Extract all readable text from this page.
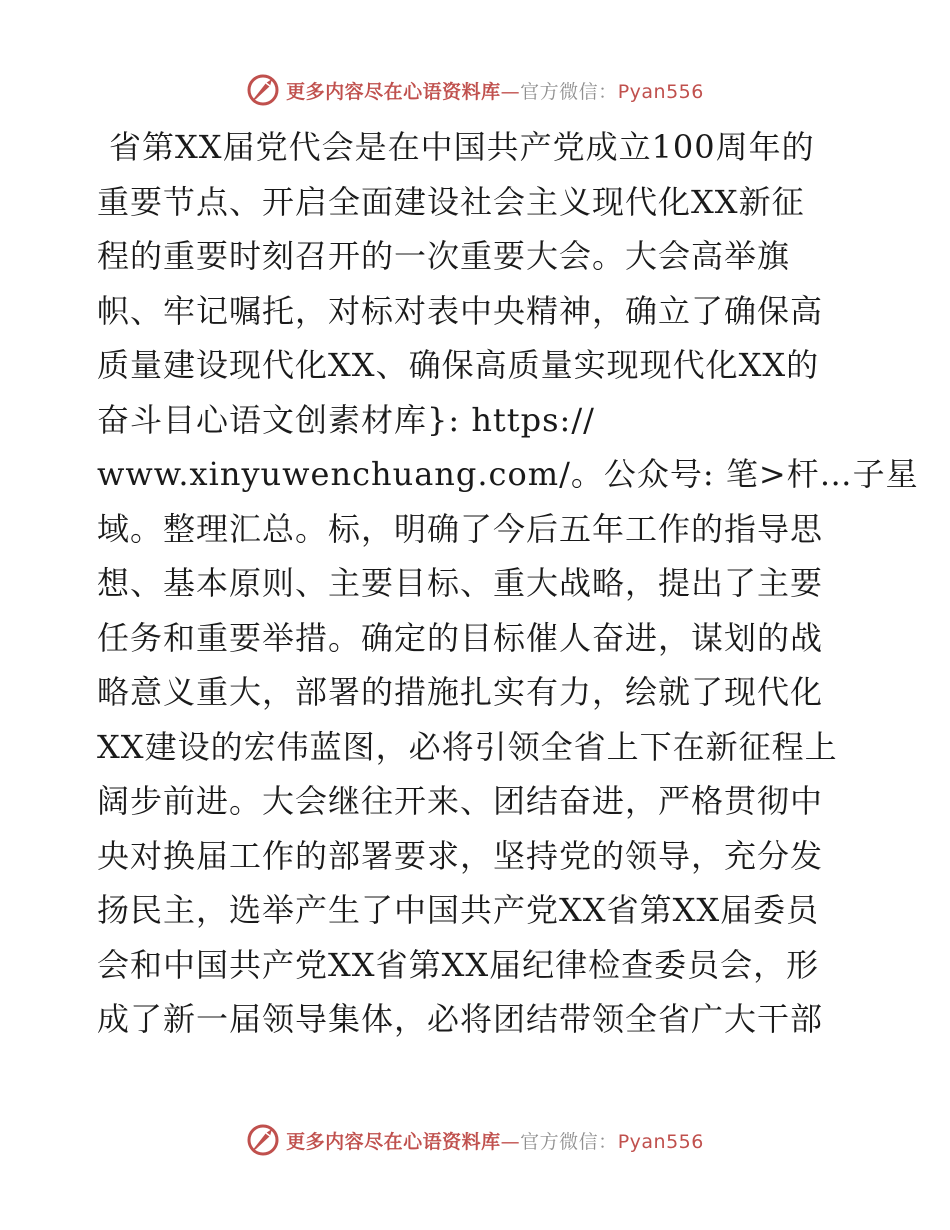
更多内容尽在心语资料库—官方微信：Pyan556
省第XX届党代会是在中国共产党成立100周年的
重要节点、开启全面建设社会主义现代化XX新征
程的重要时刻召开的一次重要大会。大会高举旗
帜、牢记嘱托，对标对表中央精神，确立了确保高
质量建设现代化XX、确保高质量实现现代化XX的
奋斗目心语文创素材库}: https://
www.xinyuwenchuang.com/。公众号: 笔>杆…子星
域。整理汇总。标，明确了今后五年工作的指导思
想、基本原则、主要目标、重大战略，提出了主要
任务和重要举措。确定的目标催人奋进，谋划的战
略意义重大，部署的措施扎实有力，绘就了现代化
XX建设的宏伟蓝图，必将引领全省上下在新征程上
阔步前进。大会继往开来、团结奋进，严格贯彻中
央对换届工作的部署要求，坚持党的领导，充分发
扬民主，选举产生了中国共产党XX省第XX届委员
会和中国共产党XX省第XX届纪律检查委员会，形
成了新一届领导集体，必将团结带领全省广大干部
更多内容尽在心语资料库—官方微信：Pyan556
